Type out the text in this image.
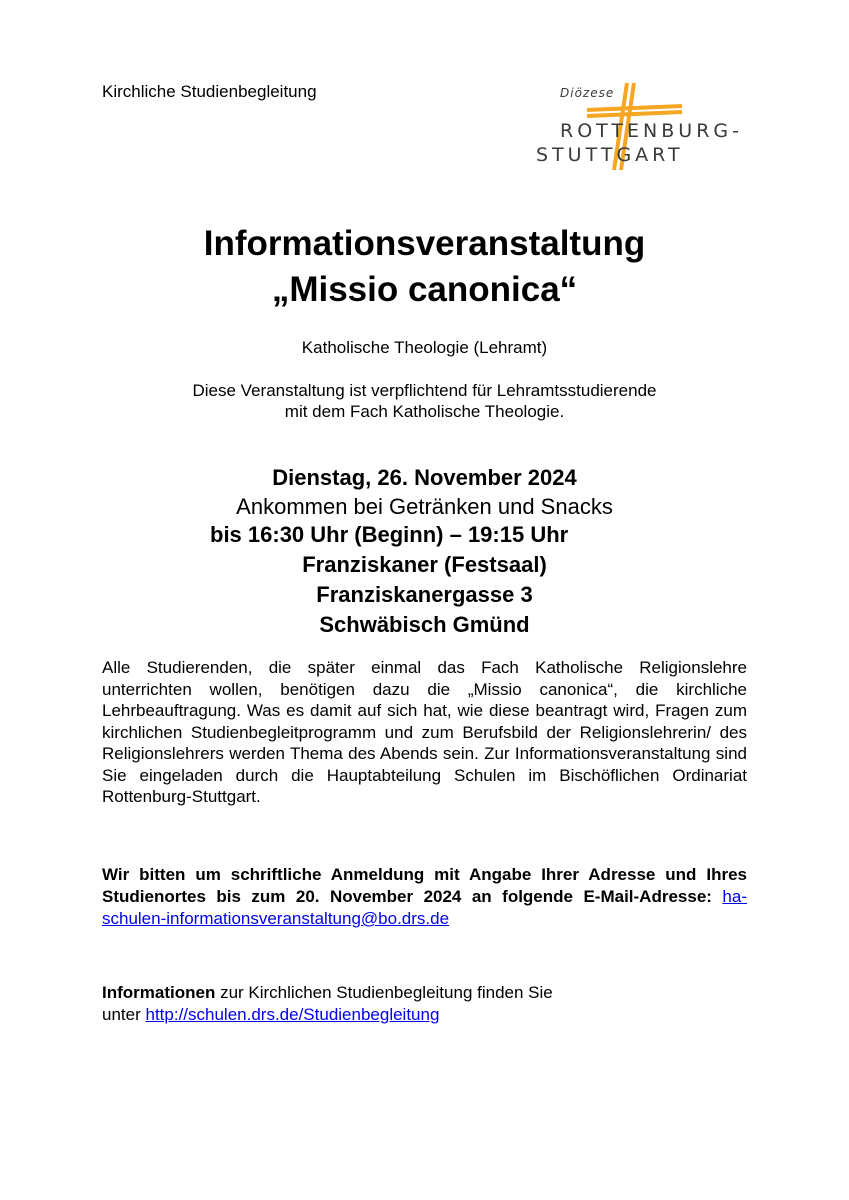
Kirchliche Studienbegleitung	Diözese
ROTTENBURG-
STUTTGART
Informationsveranstaltung
„Missio canonica“
Katholische Theologie (Lehramt)
Diese Veranstaltung ist verpflichtend für Lehramtsstudierende
mit dem Fach Katholische Theologie.
Dienstag, 26. November 2024
Ankommen bei Getränken und Snacks
bis 16:30 Uhr (Beginn) – 19:15 Uhr
Franziskaner (Festsaal)
Franziskanergasse 3
Schwäbisch Gmünd
Alle Studierenden, die später einmal das Fach Katholische Religionslehre unterrichten wollen, benötigen dazu die „Missio canonica“, die kirchliche Lehrbeauftragung. Was es damit auf sich hat, wie diese beantragt wird, Fragen zum kirchlichen Studienbegleitprogramm und zum Berufsbild der Religionslehrerin/ des Religionslehrers werden Thema des Abends sein. Zur Informationsveranstaltung sind Sie eingeladen durch die Hauptabteilung Schulen im Bischöflichen Ordinariat Rottenburg-Stuttgart.
Wir bitten um schriftliche Anmeldung mit Angabe Ihrer Adresse und Ihres Studienortes bis zum 20. November 2024 an folgende E-Mail-Adresse: ha-schulen-informationsveranstaltung@bo.drs.de
Informationen zur Kirchlichen Studienbegleitung finden Sie
unter http://schulen.drs.de/Studienbegleitung
